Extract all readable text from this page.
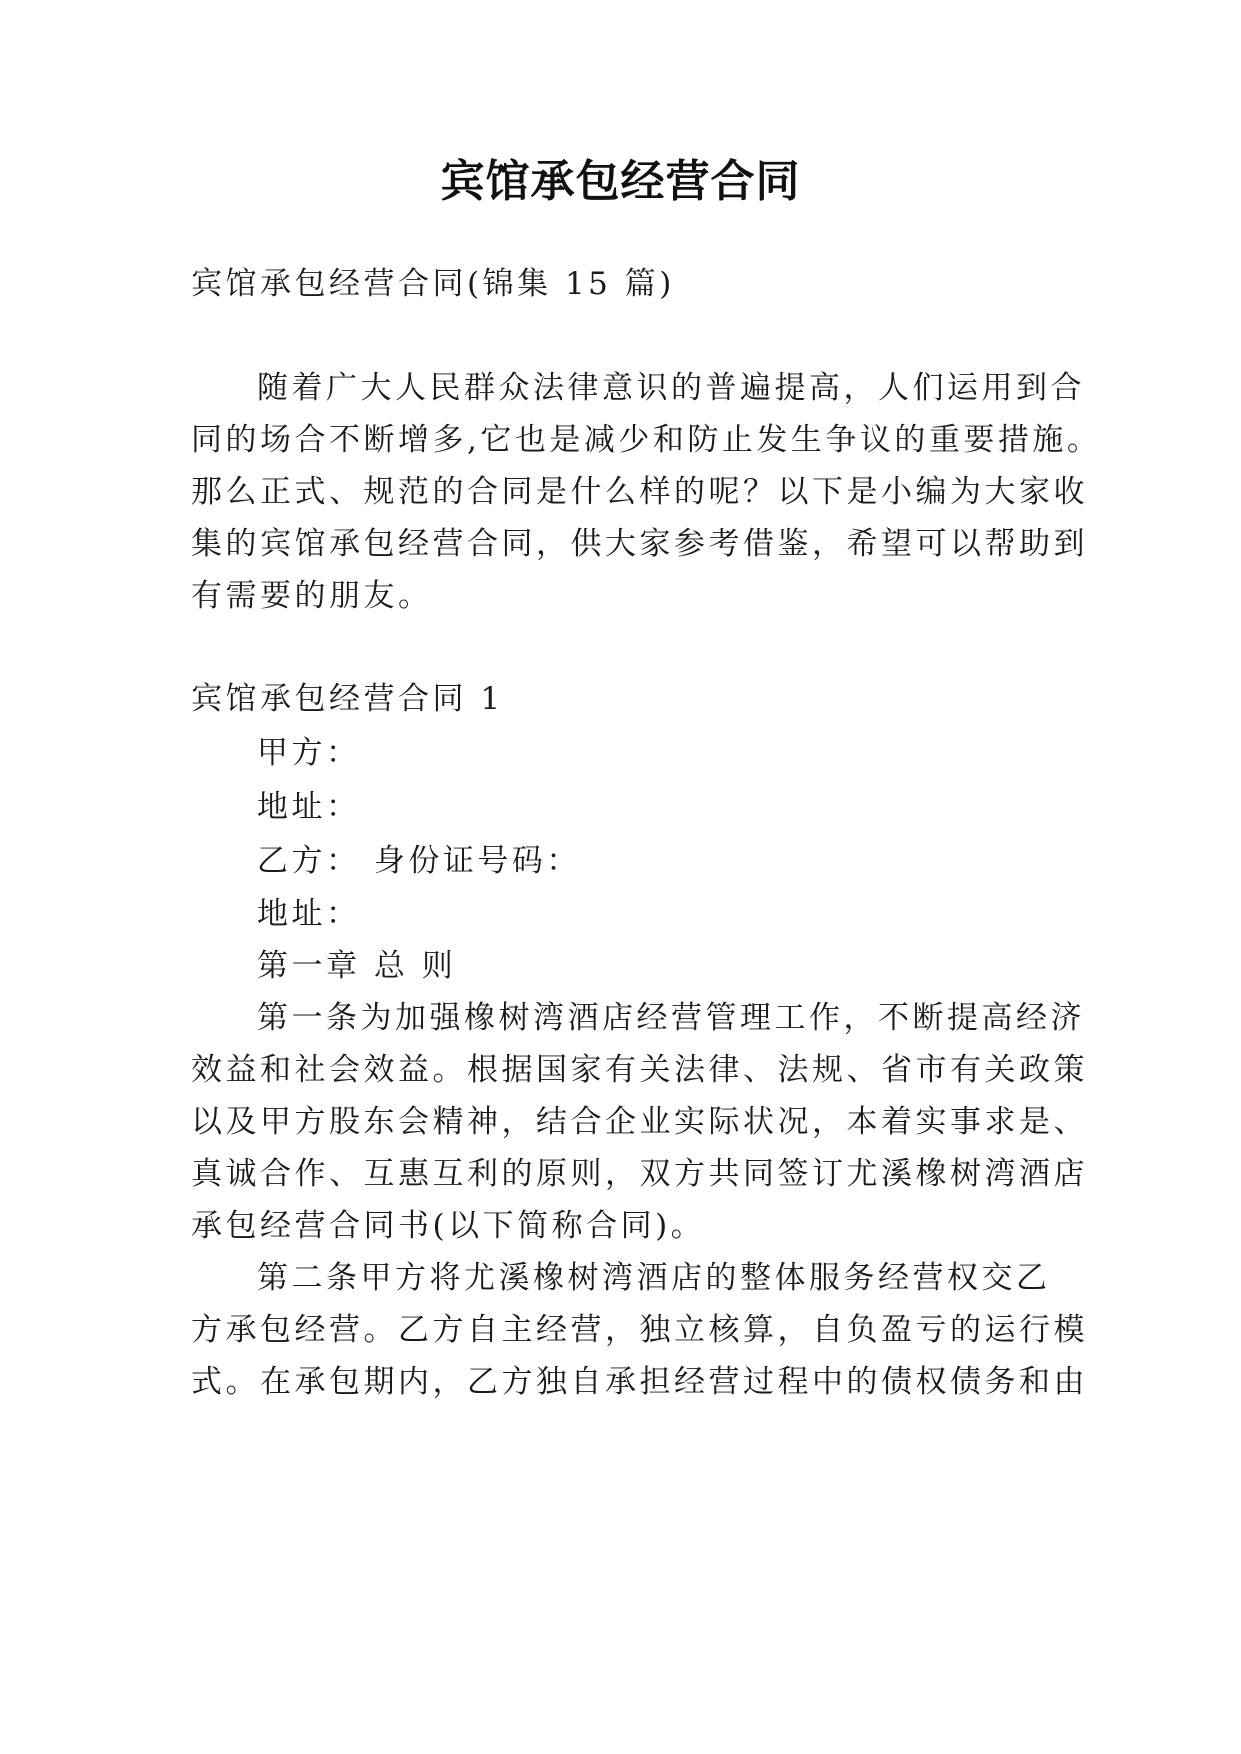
宾馆承包经营合同
宾馆承包经营合同(锦集 15 篇)
随着广大人民群众法律意识的普遍提高，人们运用到合
同的场合不断增多,它也是减少和防止发生争议的重要措施。
那么正式、规范的合同是什么样的呢？以下是小编为大家收
集的宾馆承包经营合同，供大家参考借鉴，希望可以帮助到
有需要的朋友。
宾馆承包经营合同 1
甲方：
地址：
乙方： 身份证号码：
地址：
第一章 总 则
第一条为加强橡树湾酒店经营管理工作，不断提高经济
效益和社会效益。根据国家有关法律、法规、省市有关政策
以及甲方股东会精神，结合企业实际状况，本着实事求是、
真诚合作、互惠互利的原则，双方共同签订尤溪橡树湾酒店
承包经营合同书(以下简称合同)。
第二条甲方将尤溪橡树湾酒店的整体服务经营权交乙
方承包经营。乙方自主经营，独立核算，自负盈亏的运行模
式。在承包期内，乙方独自承担经营过程中的债权债务和由
